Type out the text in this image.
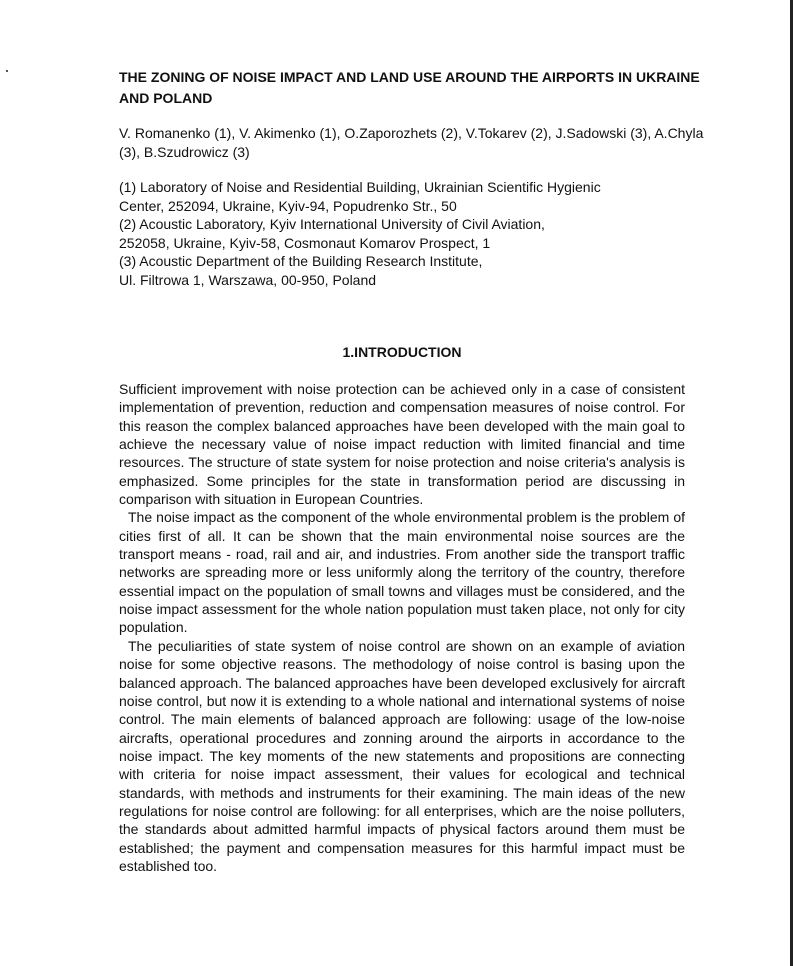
THE ZONING OF NOISE IMPACT AND LAND USE AROUND THE AIRPORTS IN UKRAINE AND POLAND

V. Romanenko (1), V. Akimenko (1), O.Zaporozhets (2), V.Tokarev (2), J.Sadowski (3), A.Chyla (3), B.Szudrowicz (3)

(1) Laboratory of Noise and Residential Building, Ukrainian Scientific Hygienic
Center, 252094, Ukraine, Kyiv-94, Popudrenko Str., 50
(2) Acoustic Laboratory, Kyiv International University of Civil Aviation,
252058, Ukraine, Kyiv-58, Cosmonaut Komarov Prospect, 1
(3) Acoustic Department of the Building Research Institute,
Ul. Filtrowa 1, Warszawa, 00-950, Poland
1.INTRODUCTION

Sufficient improvement with noise protection can be achieved only in a case of consistent implementation of prevention, reduction and compensation measures of noise control. For this reason the complex balanced approaches have been developed with the main goal to achieve the necessary value of noise impact reduction with limited financial and time resources. The structure of state system for noise protection and noise criteria's analysis is emphasized. Some principles for the state in transformation period are discussing in comparison with situation in European Countries.

The noise impact as the component of the whole environmental problem is the problem of cities first of all. It can be shown that the main environmental noise sources are the transport means - road, rail and air, and industries. From another side the transport traffic networks are spreading more or less uniformly along the territory of the country, therefore essential impact on the population of small towns and villages must be considered, and the noise impact assessment for the whole nation population must taken place, not only for city population.

The peculiarities of state system of noise control are shown on an example of aviation noise for some objective reasons. The methodology of noise control is basing upon the balanced approach. The balanced approaches have been developed exclusively for aircraft noise control, but now it is extending to a whole national and international systems of noise control. The main elements of balanced approach are following: usage of the low-noise aircrafts, operational procedures and zonning around the airports in accordance to the noise impact. The key moments of the new statements and propositions are connecting with criteria for noise impact assessment, their values for ecological and technical standards, with methods and instruments for their examining. The main ideas of the new regulations for noise control are following: for all enterprises, which are the noise polluters, the standards about admitted harmful impacts of physical factors around them must be established; the payment and compensation measures for this harmful impact must be established too.
